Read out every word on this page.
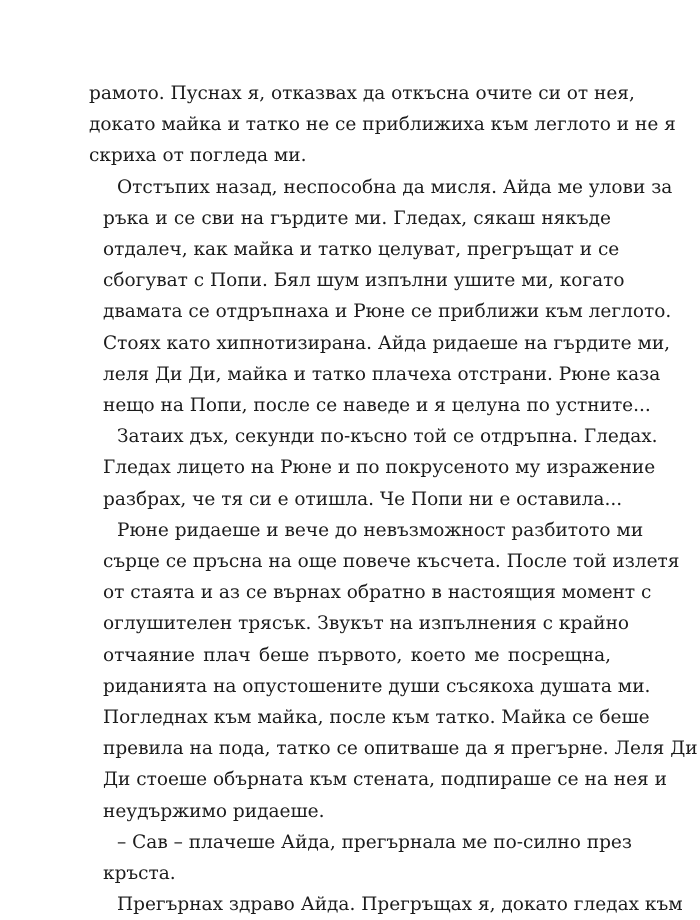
рамото. Пуснах я, отказвах да откъсна очите си от нея,
докато майка и татко не се приближиха към леглото и не я
скриха от погледа ми.

Отстъпих назад, неспособна да мисля. Айда ме улови за
ръка и се сви на гърдите ми. Гледах, сякаш някъде
отдалеч, как майка и татко целуват, прегръщат и се
сбогуват с Попи. Бял шум изпълни ушите ми, когато
двамата се отдръпнаха и Рюне се приближи към леглото.
Стоях като хипнотизирана. Айда ридаеше на гърдите ми,
леля Ди Ди, майка и татко плачеха отстрани. Рюне каза
нещо на Попи, после се наведе и я целуна по устните...

Затаих дъх, секунди по-късно той се отдръпна. Гледах.
Гледах лицето на Рюне и по покрусеното му изражение
разбрах, че тя си е отишла. Че Попи ни е оставила...

Рюне ридаеше и вече до невъзможност разбитото ми
сърце се пръсна на още повече късчета. После той излетя
от стаята и аз се върнах обратно в настоящия момент с
оглушителен трясък. Звукът на изпълнения с крайно
отчаяние плач беше първото, което ме посрещна,
риданията на опустошените души съсякоха душата ми.
Погледнах към майка, после към татко. Майка се беше
превила на пода, татко се опитваше да я прегърне. Леля Ди
Ди стоеше обърната към стената, подпираше се на нея и
неудържимо ридаеше.

– Сав – плачеше Айда, прегърнала ме по-силно през
кръста.

Прегърнах здраво Айда. Прегръщах я, докато гледах към
